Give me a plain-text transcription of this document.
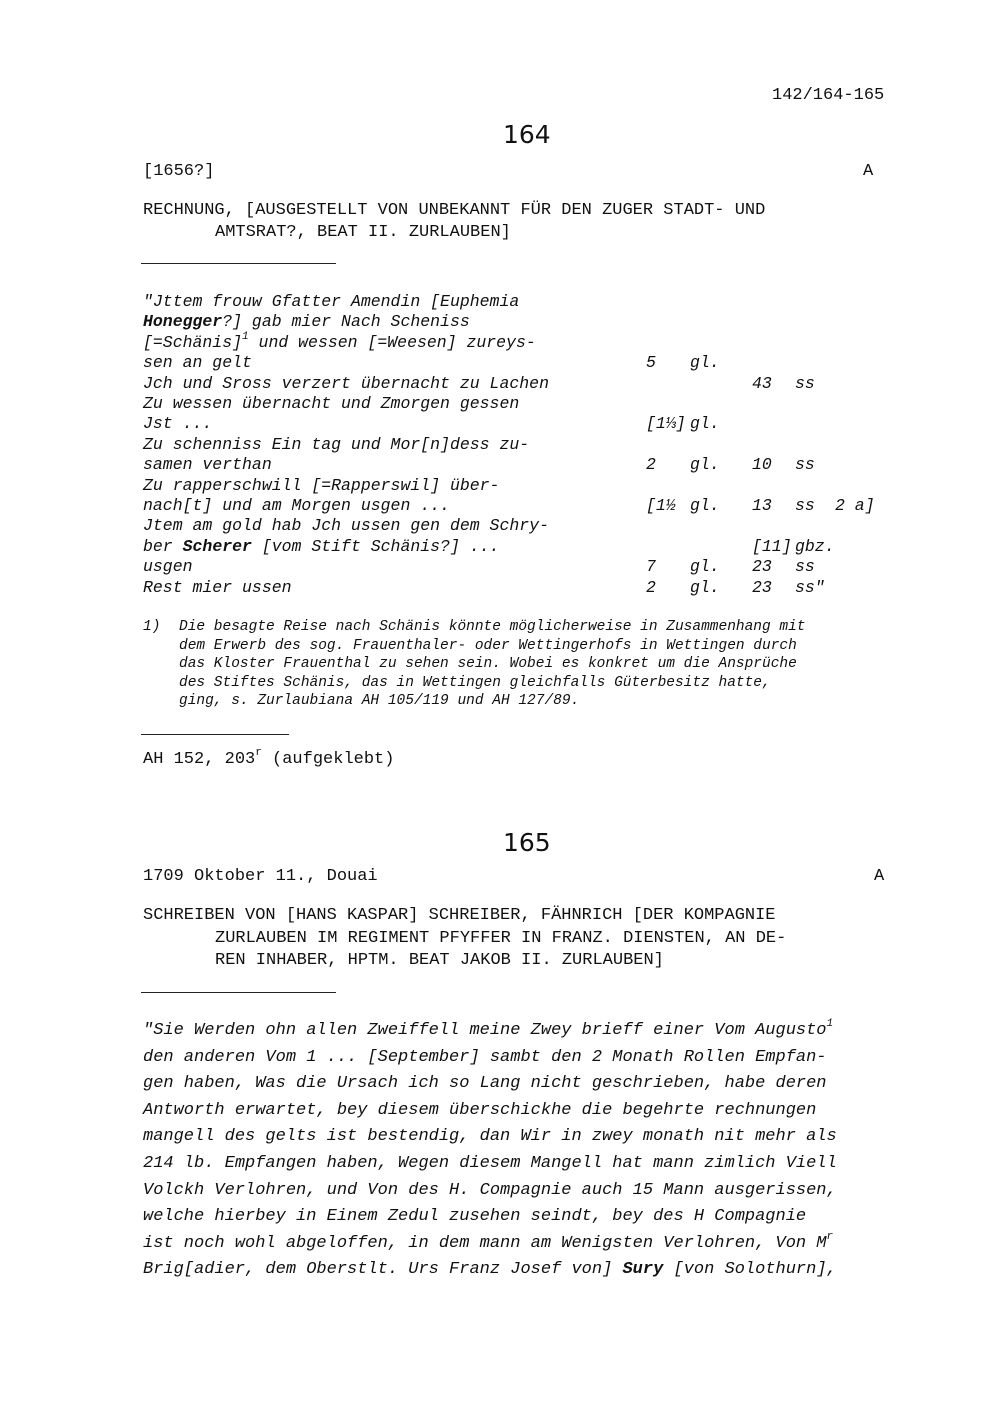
142/164-165
164
[1656?]	A
RECHNUNG, [AUSGESTELLT VON UNBEKANNT FÜR DEN ZUGER STADT- UND
AMTSRAT?, BEAT II. ZURLAUBEN]
"Jttem frouw Gfatter Amendin [Euphemia
Honegger?] gab mier Nach Scheniss
[=Schänis]$^1$ und wessen [=Weesen] zureys-
sen an gelt	5 gl.
Jch und Sross verzert übernacht zu Lachen	43 ss
Zu wessen übernacht und Zmorgen gessen
Jst ...	[1⅓] gl.
Zu schenniss Ein tag und Mor[n]dess zu-
samen verthan	2 gl. 10 ss
Zu rapperschwill [=Rapperswil] über-
nach[t] und am Morgen usgen ...	[1½ gl. 13 ss 2 a]
Jtem am gold hab Jch ussen gen dem Schry-
ber Scherer [vom Stift Schänis?] ...	[11] gbz.
usgen	7 gl. 23 ss
Rest mier ussen	2 gl. 23 ss"
1) Die besagte Reise nach Schänis könnte möglicherweise in Zusammenhang mit
dem Erwerb des sog. Frauenthaler- oder Wettingerhofs in Wettingen durch
das Kloster Frauenthal zu sehen sein. Wobei es konkret um die Ansprüche
des Stiftes Schänis, das in Wettingen gleichfalls Güterbesitz hatte,
ging, s. Zurlaubiana AH 105/119 und AH 127/89.
AH 152, 203$^r$ (aufgeklebt)
165
1709 Oktober 11., Douai	A
SCHREIBEN VON [HANS KASPAR] SCHREIBER, FÄHNRICH [DER KOMPAGNIE
ZURLAUBEN IM REGIMENT PFYFFER IN FRANZ. DIENSTEN, AN DE-
REN INHABER, HPTM. BEAT JAKOB II. ZURLAUBEN]
"Sie Werden ohn allen Zweiffell meine Zwey brieff einer Vom Augusto$^1$
den anderen Vom 1 ... [September] sambt den 2 Monath Rollen Empfan-
gen haben, Was die Ursach ich so Lang nicht geschrieben, habe deren
Antworth erwartet, bey diesem überschickhe die begehrte rechnungen
mangell des gelts ist bestendig, dan Wir in zwey monath nit mehr als
214 lb. Empfangen haben, Wegen diesem Mangell hat mann zimlich Viell
Volckh Verlohren, und Von des H. Compagnie auch 15 Mann ausgerissen,
welche hierbey in Einem Zedul zusehen seindt, bey des H Compagnie
ist noch wohl abgeloffen, in dem mann am Wenigsten Verlohren, Von $M^r$
Brig[adier, dem Oberstlt. Urs Franz Josef von] Sury [von Solothurn],
